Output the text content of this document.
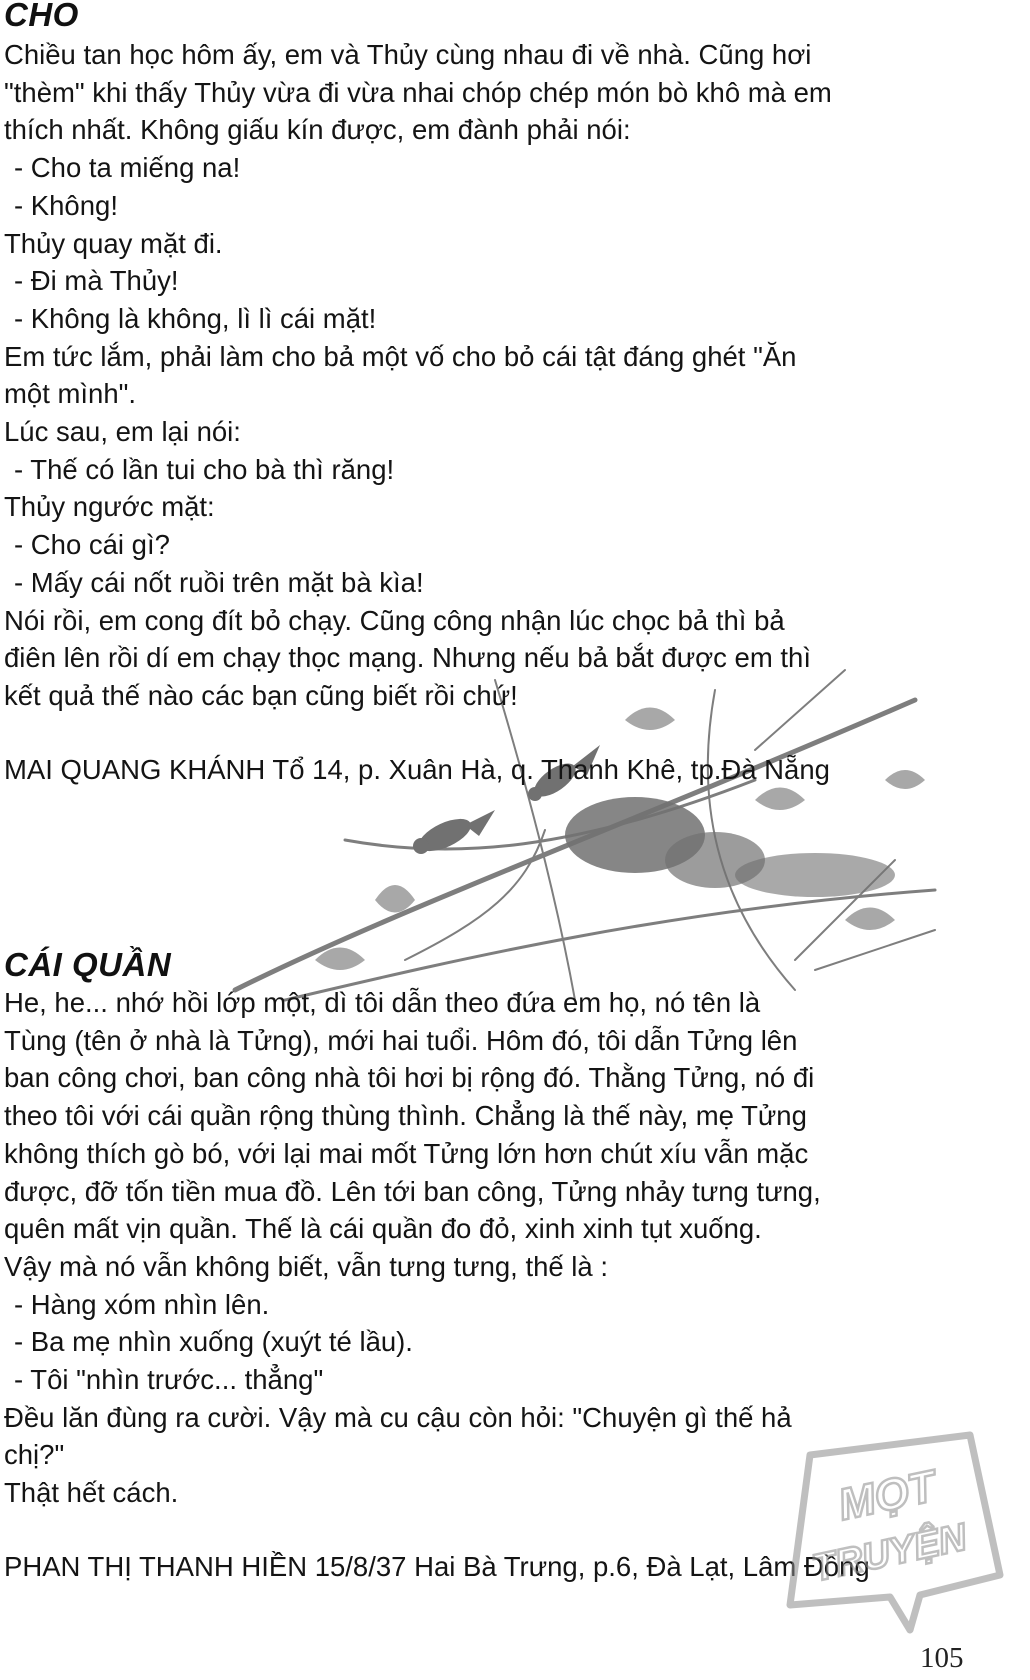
CHO

Chiều tan học hôm ấy, em và Thủy cùng nhau đi về nhà. Cũng hơi

"thèm" khi thấy Thủy vừa đi vừa nhai chóp chép món bò khô mà em

thích nhất. Không giấu kín được, em đành phải nói:

- Cho ta miếng na!

- Không!

Thủy quay mặt đi.

- Đi mà Thủy!

- Không là không, lì lì cái mặt!

Em tức lắm, phải làm cho bả một vố cho bỏ cái tật đáng ghét "Ăn

một mình".

Lúc sau, em lại nói:

- Thế có lần tui cho bà thì răng!

Thủy ngước mặt:

- Cho cái gì?

- Mấy cái nốt ruồi trên mặt bà kìa!

Nói rồi, em cong đít bỏ chạy. Cũng công nhận lúc chọc bả thì bả

điên lên rồi dí em chạy thọc mạng. Nhưng nếu bả bắt được em thì

kết quả thế nào các bạn cũng biết rồi chứ!

MAI QUANG KHÁNH Tổ 14, p. Xuân Hà, q. Thanh Khê, tp.Đà Nẵng

CÁI QUẦN

He, he... nhớ hồi lớp một, dì tôi dẫn theo đứa em họ, nó tên là

Tùng (tên ở nhà là Tửng), mới hai tuổi. Hôm đó, tôi dẫn Tửng lên

ban công chơi, ban công nhà tôi hơi bị rộng đó. Thằng Tửng, nó đi

theo tôi với cái quần rộng thùng thình. Chẳng là thế này, mẹ Tửng

không thích gò bó, với lại mai mốt Tửng lớn hơn chút xíu vẫn mặc

được, đỡ tốn tiền mua đồ. Lên tới ban công, Tửng nhảy tưng tưng,

quên mất vịn quần. Thế là cái quần đo đỏ, xinh xinh tụt xuống.

Vậy mà nó vẫn không biết, vẫn tưng tưng, thế là :

- Hàng xóm nhìn lên.

- Ba mẹ nhìn xuống (xuýt té lầu).

- Tôi "nhìn trước... thẳng"

Đều lăn đùng ra cười. Vậy mà cu cậu còn hỏi: "Chuyện gì thế hả

chị?"

Thật hết cách.

PHAN THỊ THANH HIỀN 15/8/37 Hai Bà Trưng, p.6, Đà Lạt, Lâm Đồng

MỌT
TRUYỆN
105
